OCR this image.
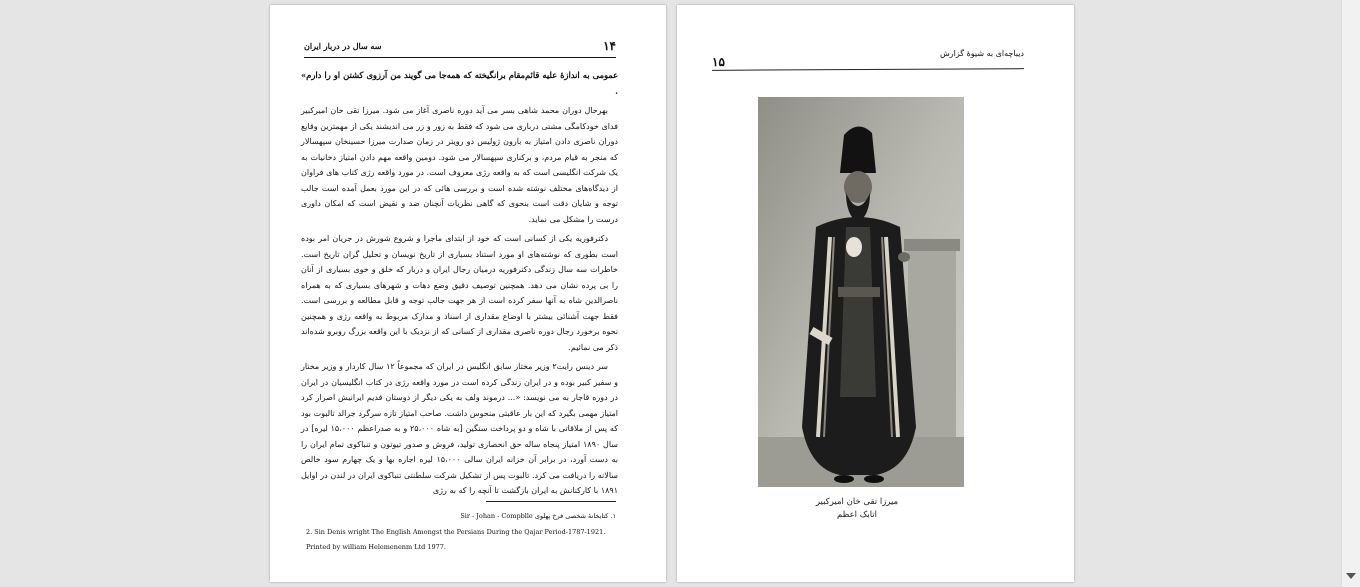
۱۴
سه سال در دربار ایران

عمومی به اندازهٔ علیه قائم‌مقام برانگیخته که همه‌جا می گویند من آرزوی کشتن او را دارم» .

بهرحال دوران محمد شاهی بسر می آید دوره ناصری آغاز می شود. میرزا تقی خان امیرکبیر فدای خودکامگی مشتی درباری می شود که فقط به زور و زر می اندیشند یکی از مهمترین وقایع دوران ناصری دادن امتیاز به بارون ژولیس دو رویتر در زمان صدارت میرزا حسینخان سپهسالار که منجر به قیام مردم، و برکناری سپهسالار می شود. دومین واقعه مهم دادن امتیاز دخانیات به یک شرکت انگلیسی است که به واقعه رژی معروف است. در مورد واقعه رژی کتاب های فراوان از دیدگاه‌های مختلف نوشته شده است و بررسی هائی که در این مورد بعمل آمده است جالب توجه و شایان دقت است بنحوی که گاهی نظریات آنچنان ضد و نقیض است که امکان داوری درست را مشکل می نماید.

دکترفوریه یکی از کسانی است که خود از ابتدای ماجرا و شروع شورش در جریان امر بوده است بطوری که نوشته‌های او مورد استناد بسیاری از تاریخ نویسان و تحلیل گران تاریخ است. خاطرات سه سال زندگی دکترفوریه درمیان رجال ایران و دربار که خلق و خوی بسیاری از آنان را بی پرده نشان می دهد. همچنین توصیف دقیق وضع دهات و شهرهای بسیاری که به همراه ناصرالدین شاه به آنها سفر کرده است از هر جهت جالب توجه و قابل مطالعه و بررسی است. فقط جهت آشنائی بیشتر با اوضاع مقداری از اسناد و مدارک مربوط به واقعه رژی و همچنین نحوه برخورد رجال دوره ناصری مقداری از کسانی که از نزدیک با این واقعه بزرگ روبرو شده‌اند ذکر می نمائیم.

سر دینس رایت۲ وزیر مختار سابق انگلیس در ایران که مجموعاً ۱۲ سال کاردار و وزیر مختار و سفیر کبیر بوده و در ایران زندگی کرده است در مورد واقعه رژی در کتاب انگلیسیان در ایران در دوره قاجار به می نویسد: «... درموند ولف به یکی دیگر از دوستان قدیم ایرانیش اصرار کرد امتیاز مهمی بگیرد که این بار عاقبتی منحوس داشت. صاحب امتیاز تازه سرگرد جرالد تالبوت بود که پس از ملاقاتی با شاه و دو پرداخت سنگین [به شاه ۲۵،۰۰۰ و به صدراعظم ۱۵،۰۰۰ لیره] در سال ۱۸۹۰ امتیاز پنجاه ساله حق انحصاری تولید، فروش و صدور تیوتون و تنباکوی تمام ایران را به دست آورد، در برابر آن خزانه ایران سالی ۱۵،۰۰۰ لیره اجاره بها و یک چهارم سود خالص سالانه را دریافت می کرد. تالبوت پس از تشکیل شرکت سلطنتی تنباکوی ایران در لندن در اوایل ۱۸۹۱ با کارکنانش به ایران بازگشت تا آنچه را که به رژی

۱. کتابخانهٔ شخصی فرخ پهلوی Sir - Johan - Compblle
2. Sin Denis wright The English Amongst the Persians During the Qajar Period-1787-1921.
Printed by william Helemenenm Ltd 1977.
دیباچه‌ای به شیوهٔ گزارش
۱۵
میرزا تقی خان امیرکبیر
اتابک اعظم
